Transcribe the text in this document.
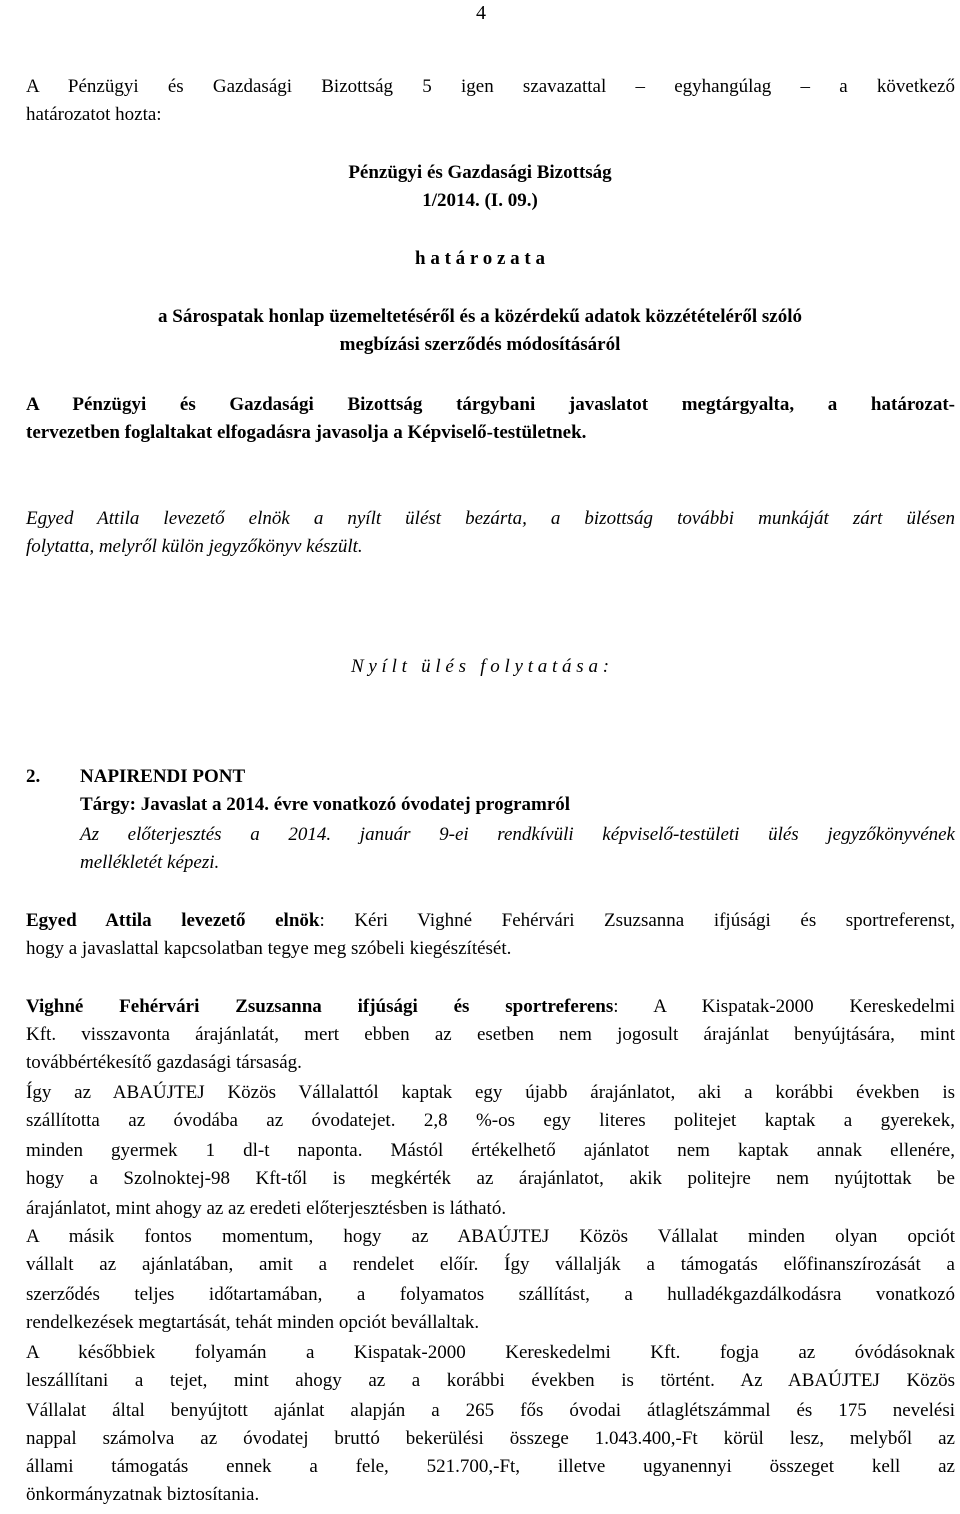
4
A Pénzügyi és Gazdasági Bizottság 5 igen szavazattal – egyhangúlag – a következő
határozatot hozta:
Pénzügyi és Gazdasági Bizottság
1/2014. (I. 09.)
h a t á r o z a t a
a Sárospatak honlap üzemeltetéséről és a közérdekű adatok közzétételéről szóló
megbízási szerződés módosításáról
A Pénzügyi és Gazdasági Bizottság tárgybani javaslatot megtárgyalta, a határozat-
tervezetben foglaltakat elfogadásra javasolja a Képviselő-testületnek.
Egyed Attila levezető elnök a nyílt ülést bezárta, a bizottság további munkáját zárt ülésen
folytatta, melyről külön jegyzőkönyv készült.
N y í l t   ü l é s   f o l y t a t á s a :
2. NAPIRENDI PONT
Tárgy: Javaslat a 2014. évre vonatkozó óvodatej programról
Az előterjesztés a 2014. január 9-ei rendkívüli képviselő-testületi ülés jegyzőkönyvének
mellékletét képezi.
Egyed Attila levezető elnök: Kéri Vighné Fehérvári Zsuzsanna ifjúsági és sportreferenst,
hogy a javaslattal kapcsolatban tegye meg szóbeli kiegészítését.
Vighné Fehérvári Zsuzsanna ifjúsági és sportreferens: A Kispatak-2000 Kereskedelmi
Kft. visszavonta árajánlatát, mert ebben az esetben nem jogosult árajánlat benyújtására, mint
továbbértékesítő gazdasági társaság.
Így az ABAÚJTEJ Közös Vállalattól kaptak egy újabb árajánlatot, aki a korábbi években is
szállította az óvodába az óvodatejet. 2,8 %-os egy literes politejet kaptak a gyerekek,
minden gyermek 1 dl-t naponta. Mástól értékelhető ajánlatot nem kaptak annak ellenére,
hogy a Szolnoktej-98 Kft-től is megkérték az árajánlatot, akik politejre nem nyújtottak be
árajánlatot, mint ahogy az az eredeti előterjesztésben is látható.
A másik fontos momentum, hogy az ABAÚJTEJ Közös Vállalat minden olyan opciót
vállalt az ajánlatában, amit a rendelet előír. Így vállalják a támogatás előfinanszírozását a
szerződés teljes időtartamában, a folyamatos szállítást, a hulladékgazdálkodásra vonatkozó
rendelkezések megtartását, tehát minden opciót bevállaltak.
A későbbiek folyamán a Kispatak-2000 Kereskedelmi Kft. fogja az óvódásoknak
leszállítani a tejet, mint ahogy az a korábbi években is történt. Az ABAÚJTEJ Közös
Vállalat által benyújtott ajánlat alapján a 265 fős óvodai átlaglétszámmal és 175 nevelési
nappal számolva az óvodatej bruttó bekerülési összege 1.043.400,-Ft körül lesz, melyből az
állami támogatás ennek a fele, 521.700,-Ft, illetve ugyanennyi összeget kell az
önkormányzatnak biztosítania.
